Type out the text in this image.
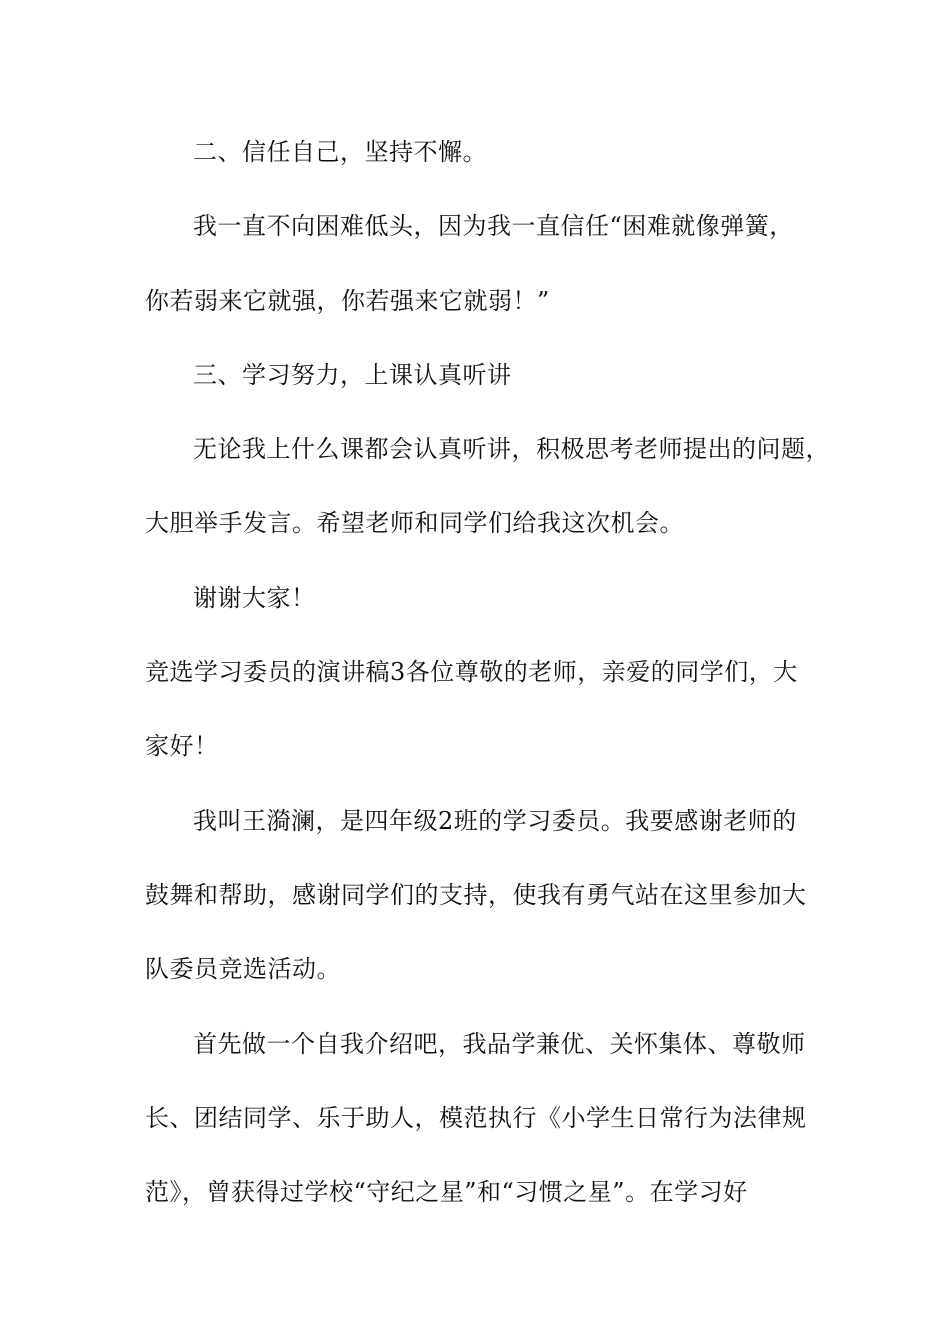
二、信任自己，坚持不懈。
我一直不向困难低头，因为我一直信任“困难就像弹簧，
你若弱来它就强，你若强来它就弱！”
三、学习努力，上课认真听讲
无论我上什么课都会认真听讲，积极思考老师提出的问题，
大胆举手发言。希望老师和同学们给我这次机会。
谢谢大家！
竞选学习委员的演讲稿3各位尊敬的老师，亲爱的同学们，大
家好！
我叫王漪澜，是四年级2班的学习委员。我要感谢老师的
鼓舞和帮助，感谢同学们的支持，使我有勇气站在这里参加大
队委员竞选活动。
首先做一个自我介绍吧，我品学兼优、关怀集体、尊敬师
长、团结同学、乐于助人，模范执行《小学生日常行为法律规
范》，曾获得过学校“守纪之星”和“习惯之星”。在学习好
